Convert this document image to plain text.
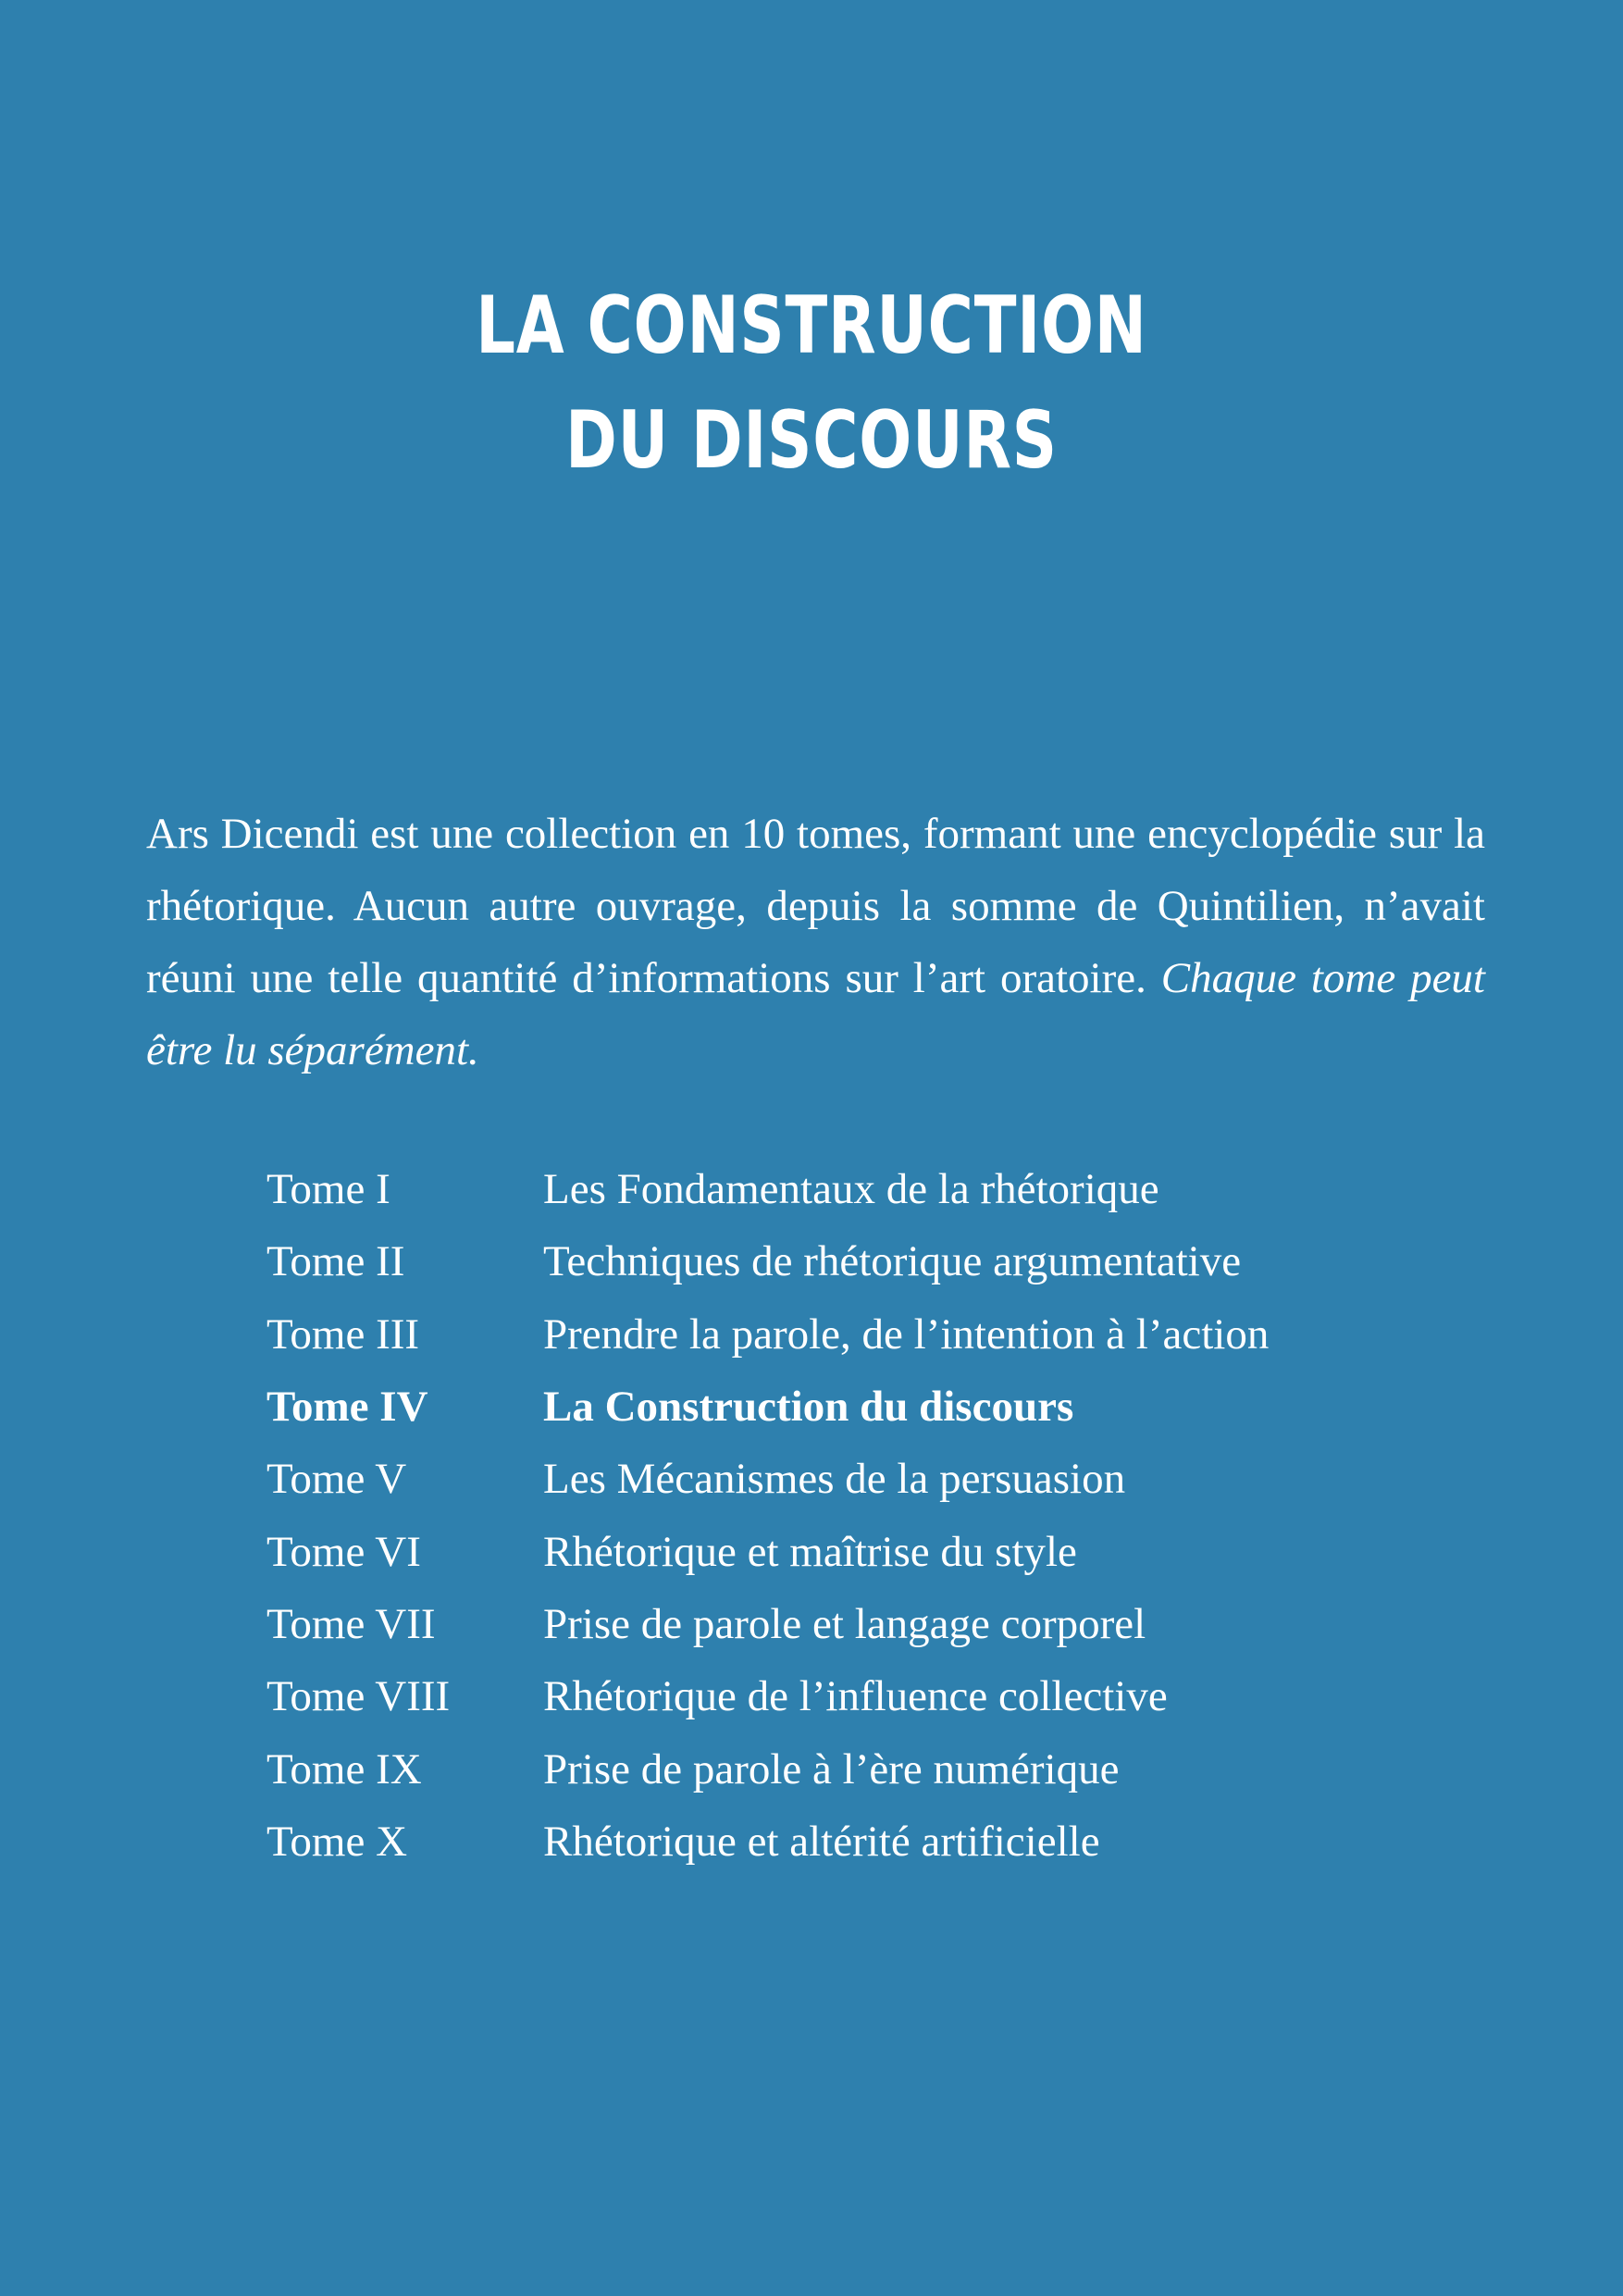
LA CONSTRUCTION
DU DISCOURS

Ars Dicendi est une collection en 10 tomes, formant une encyclopédie sur la rhétorique. Aucun autre ouvrage, depuis la somme de Quintilien, n’avait réuni une telle quantité d’informations sur l’art oratoire. Chaque tome peut être lu séparément.

Tome I	Les Fondamentaux de la rhétorique
Tome II	Techniques de rhétorique argumentative
Tome III	Prendre la parole, de l’intention à l’action
Tome IV	La Construction du discours
Tome V	Les Mécanismes de la persuasion
Tome VI	Rhétorique et maîtrise du style
Tome VII	Prise de parole et langage corporel
Tome VIII	Rhétorique de l’influence collective
Tome IX	Prise de parole à l’ère numérique
Tome X	Rhétorique et altérité artificielle
